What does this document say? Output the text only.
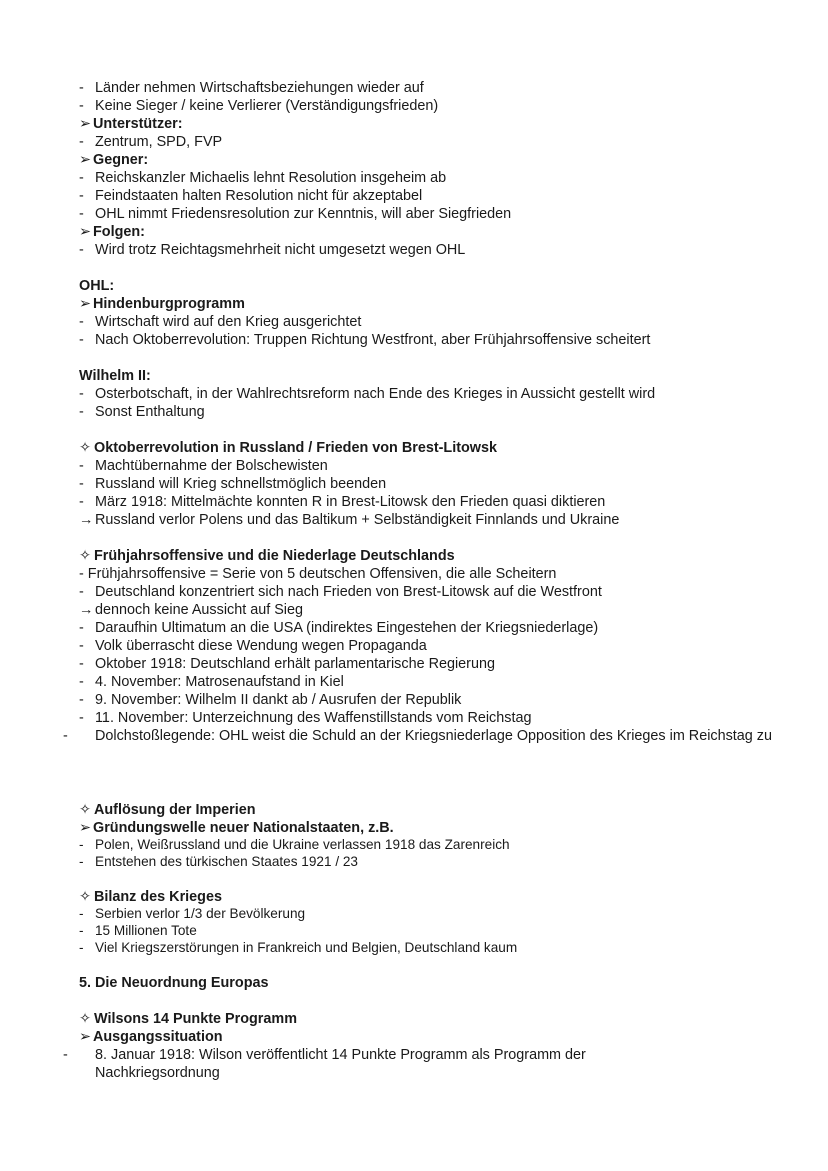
- Länder nehmen Wirtschaftsbeziehungen wieder auf
- Keine Sieger / keine Verlierer (Verständigungsfrieden)
➢ Unterstützer:
- Zentrum, SPD, FVP
➢ Gegner:
- Reichskanzler Michaelis lehnt Resolution insgeheim ab
- Feindstaaten halten Resolution nicht für akzeptabel
- OHL nimmt Friedensresolution zur Kenntnis, will aber Siegfrieden
➢ Folgen:
- Wird trotz Reichtagsmehrheit nicht umgesetzt wegen OHL
OHL:
➢ Hindenburgprogramm
- Wirtschaft wird auf den Krieg ausgerichtet
- Nach Oktoberrevolution: Truppen Richtung Westfront, aber Frühjahrsoffensive scheitert
Wilhelm II:
- Osterbotschaft, in der Wahlrechtsreform nach Ende des Krieges in Aussicht gestellt wird
- Sonst Enthaltung
✧ Oktoberrevolution in Russland / Frieden von Brest-Litowsk
- Machtübernahme der Bolschewisten
- Russland will Krieg schnellstmöglich beenden
- März 1918: Mittelmächte konnten R in Brest-Litowsk den Frieden quasi diktieren
→ Russland verlor Polens und das Baltikum + Selbständigkeit Finnlands und Ukraine
✧ Frühjahrsoffensive und die Niederlage Deutschlands
- Frühjahrsoffensive = Serie von 5 deutschen Offensiven, die alle Scheitern
- Deutschland konzentriert sich nach Frieden von Brest-Litowsk auf die Westfront
→ dennoch keine Aussicht auf Sieg
- Daraufhin Ultimatum an die USA (indirektes Eingestehen der Kriegsniederlage)
- Volk überrascht diese Wendung wegen Propaganda
- Oktober 1918: Deutschland erhält parlamentarische Regierung
- 4. November: Matrosenaufstand in Kiel
- 9. November: Wilhelm II dankt ab / Ausrufen der Republik
- 11. November: Unterzeichnung des Waffenstillstands vom Reichstag
- Dolchstoßlegende: OHL weist die Schuld an der Kriegsniederlage Opposition des Krieges im Reichstag zu
✧ Auflösung der Imperien
➢ Gründungswelle neuer Nationalstaaten, z.B.
- Polen, Weißrussland und die Ukraine verlassen 1918 das Zarenreich
- Entstehen des türkischen Staates 1921 / 23
✧ Bilanz des Krieges
- Serbien verlor 1/3 der Bevölkerung
- 15 Millionen Tote
- Viel Kriegszerstörungen in Frankreich und Belgien, Deutschland kaum
5. Die Neuordnung Europas
✧ Wilsons 14 Punkte Programm
➢ Ausgangssituation
- 8. Januar 1918: Wilson veröffentlicht 14 Punkte Programm als Programm der Nachkriegsordnung
